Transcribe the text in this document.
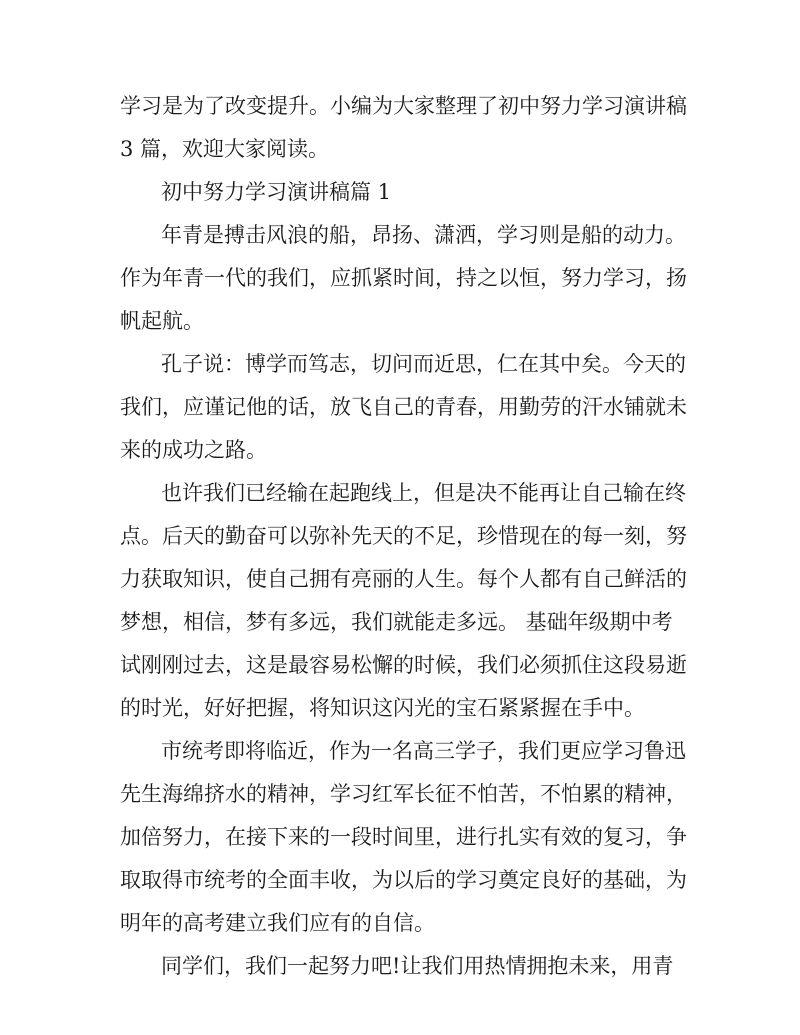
学习是为了改变提升。小编为大家整理了初中努力学习演讲稿
3 篇，欢迎大家阅读。
初中努力学习演讲稿篇 1
年青是搏击风浪的船，昂扬、潇洒，学习则是船的动力。
作为年青一代的我们，应抓紧时间，持之以恒，努力学习，扬
帆起航。
孔子说：博学而笃志，切问而近思，仁在其中矣。今天的
我们，应谨记他的话，放飞自己的青春，用勤劳的汗水铺就未
来的成功之路。
也许我们已经输在起跑线上，但是决不能再让自己输在终
点。后天的勤奋可以弥补先天的不足，珍惜现在的每一刻，努
力获取知识，使自己拥有亮丽的人生。每个人都有自己鲜活的
梦想，相信，梦有多远，我们就能走多远。 基础年级期中考
试刚刚过去，这是最容易松懈的时候，我们必须抓住这段易逝
的时光，好好把握，将知识这闪光的宝石紧紧握在手中。
市统考即将临近，作为一名高三学子，我们更应学习鲁迅
先生海绵挤水的精神，学习红军长征不怕苦，不怕累的精神，
加倍努力，在接下来的一段时间里，进行扎实有效的复习，争
取取得市统考的全面丰收，为以后的学习奠定良好的基础，为
明年的高考建立我们应有的自信。
同学们，我们一起努力吧!让我们用热情拥抱未来，用青
